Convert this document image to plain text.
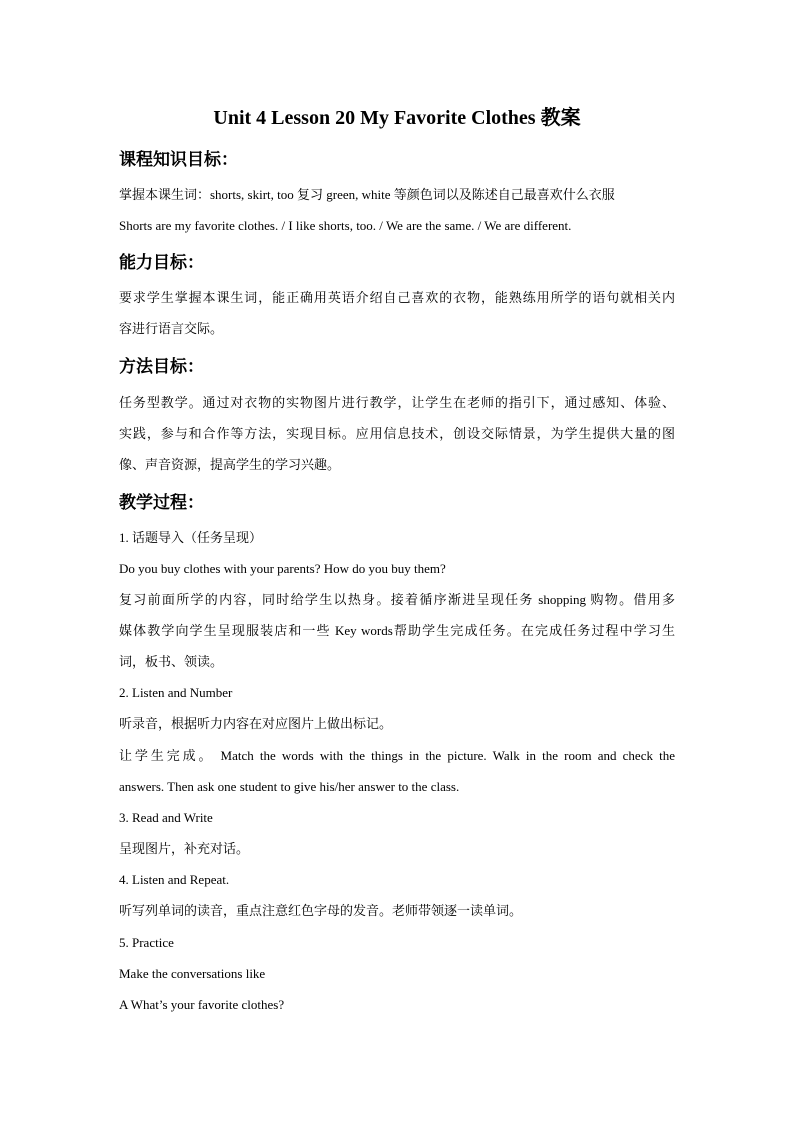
Unit 4 Lesson 20 My Favorite Clothes 教案
课程知识目标：
掌握本课生词：shorts, skirt, too 复习 green, white 等颜色词以及陈述自己最喜欢什么衣服
Shorts are my favorite clothes. / I like shorts, too. / We are the same. / We are different.
能力目标：
要求学生掌握本课生词，能正确用英语介绍自己喜欢的衣物，能熟练用所学的语句就相关内
容进行语言交际。
方法目标：
任务型教学。通过对衣物的实物图片进行教学，让学生在老师的指引下，通过感知、体验、
实践，参与和合作等方法，实现目标。应用信息技术，创设交际情景，为学生提供大量的图
像、声音资源，提高学生的学习兴趣。
教学过程：
1. 话题导入（任务呈现）
Do you buy clothes with your parents? How do you buy them?
复习前面所学的内容，同时给学生以热身。接着循序渐进呈现任务 shopping 购物。借用多
媒体教学向学生呈现服装店和一些 Key words帮助学生完成任务。在完成任务过程中学习生
词，板书、领读。
2. Listen and Number
听录音，根据听力内容在对应图片上做出标记。
让学生完成。 Match the words with the things in the picture. Walk in the room and check the
answers. Then ask one student to give his/her answer to the class.
3. Read and Write
呈现图片，补充对话。
4. Listen and Repeat.
听写列单词的读音，重点注意红色字母的发音。老师带领逐一读单词。
5. Practice
Make the conversations like
A What’s your favorite clothes?
